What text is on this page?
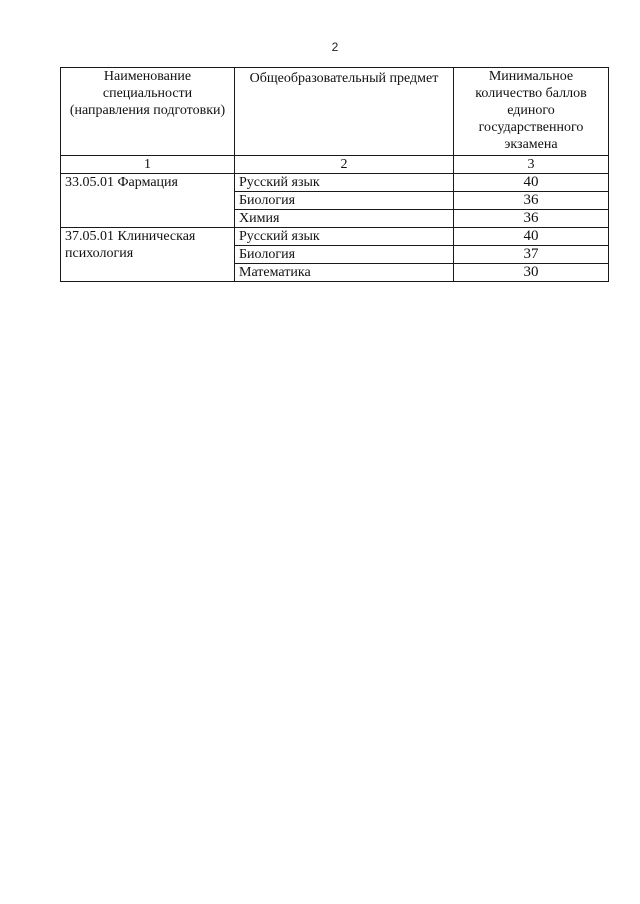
2
Наименование специальности (направления подготовки)	Общеобразовательный предмет	Минимальное количество баллов единого государственного экзамена
1	2	3
33.05.01 Фармация	Русский язык	40
	Биология	36
	Химия	36
37.05.01 Клиническая психология	Русский язык	40
	Биология	37
	Математика	30
